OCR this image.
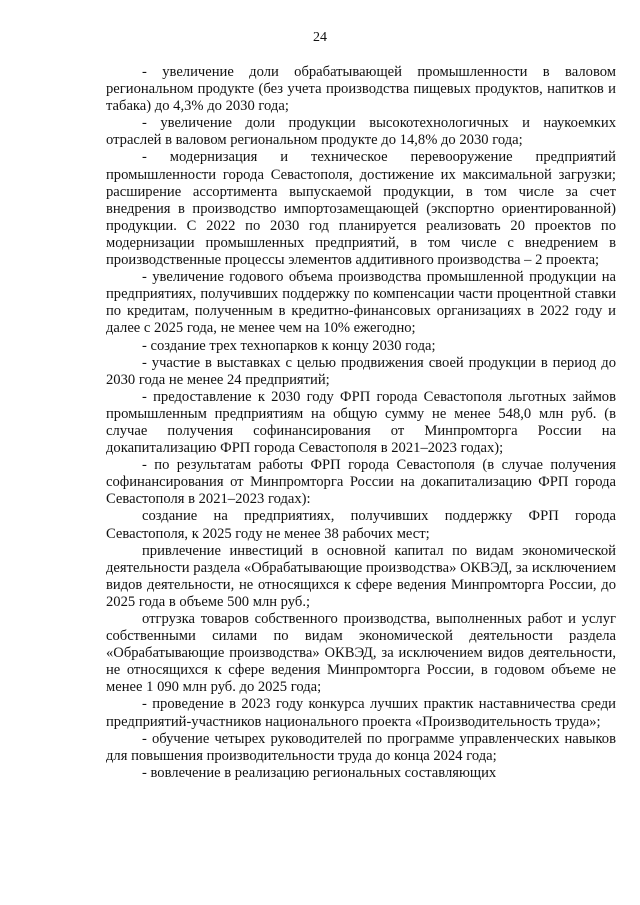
24

- увеличение доли обрабатывающей промышленности в валовом региональном продукте (без учета производства пищевых продуктов, напитков и табака) до 4,3% до 2030 года;

- увеличение доли продукции высокотехнологичных и наукоемких отраслей в валовом региональном продукте до 14,8% до 2030 года;

- модернизация и техническое перевооружение предприятий промышленности города Севастополя, достижение их максимальной загрузки; расширение ассортимента выпускаемой продукции, в том числе за счет внедрения в производство импортозамещающей (экспортно ориентированной) продукции. С 2022 по 2030 год планируется реализовать 20 проектов по модернизации промышленных предприятий, в том числе с внедрением в производственные процессы элементов аддитивного производства – 2 проекта;

- увеличение годового объема производства промышленной продукции на предприятиях, получивших поддержку по компенсации части процентной ставки по кредитам, полученным в кредитно-финансовых организациях в 2022 году и далее с 2025 года, не менее чем на 10% ежегодно;

- создание трех технопарков к концу 2030 года;

- участие в выставках с целью продвижения своей продукции в период до 2030 года не менее 24 предприятий;

- предоставление к 2030 году ФРП города Севастополя льготных займов промышленным предприятиям на общую сумму не менее 548,0 млн руб. (в случае получения софинансирования от Минпромторга России на докапитализацию ФРП города Севастополя в 2021–2023 годах);

- по результатам работы ФРП города Севастополя (в случае получения софинансирования от Минпромторга России на докапитализацию ФРП города Севастополя в 2021–2023 годах):

создание на предприятиях, получивших поддержку ФРП города Севастополя, к 2025 году не менее 38 рабочих мест;

привлечение инвестиций в основной капитал по видам экономической деятельности раздела «Обрабатывающие производства» ОКВЭД, за исключением видов деятельности, не относящихся к сфере ведения Минпромторга России, до 2025 года в объеме 500 млн руб.;

отгрузка товаров собственного производства, выполненных работ и услуг собственными силами по видам экономической деятельности раздела «Обрабатывающие производства» ОКВЭД, за исключением видов деятельности, не относящихся к сфере ведения Минпромторга России, в годовом объеме не менее 1 090 млн руб. до 2025 года;

- проведение в 2023 году конкурса лучших практик наставничества среди предприятий-участников национального проекта «Производительность труда»;

- обучение четырех руководителей по программе управленческих навыков для повышения производительности труда до конца 2024 года;

- вовлечение в реализацию региональных составляющих
